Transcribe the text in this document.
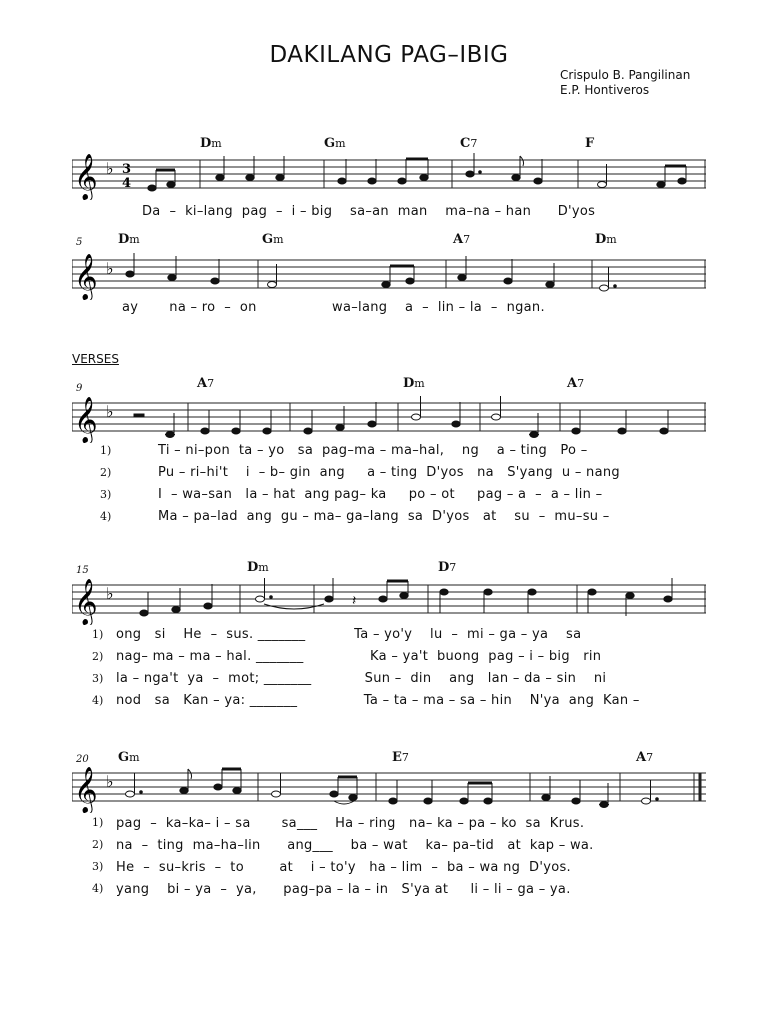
DAKILANG PAG–IBIG
Crispulo B. Pangilinan
E.P. Hontiveros
VERSES
Dm	Gm	C7	F
𝄞 ♭ 3
4
Da  –  ki–lang  pag  –  i – big    sa–an  man    ma–na – han      D'yos
5	Dm	Gm	A7	Dm
𝄞 ♭
ay       na – ro  –  on                 wa–lang    a  –  lin – la  –  ngan.
9	A7	Dm	A7
𝄞 ♭
1)
2)
3)
4)
Ti – ni–pon  ta – yo   sa  pag–ma – ma–hal,    ng    a – ting   Po –
Pu – ri–hi't    i  – b– gin  ang     a – ting  D'yos   na   S'yang  u – nang
I  – wa–san   la – hat  ang pag– ka     po – ot     pag – a  –  a – lin –
Ma – pa–lad  ang  gu – ma– ga–lang  sa  D'yos   at    su  –  mu–su –
15	Dm	D7
𝄞 ♭	𝄽
1)
2)
3)
4)
ong   si    He  –  sus. _______           Ta – yo'y    lu  –  mi – ga – ya    sa
nag– ma – ma – hal. _______               Ka – ya't  buong  pag – i – big   rin
la – nga't  ya  –  mot; _______            Sun –  din    ang   lan – da – sin    ni
nod   sa   Kan – ya: _______               Ta – ta – ma – sa – hin    N'ya  ang  Kan –
20 Gm	E7	A7
𝄞 ♭
1)
2)
3)
4)
pag  –  ka–ka– i – sa       sa___    Ha – ring   na– ka – pa – ko  sa  Krus.
na  –  ting  ma–ha–lin      ang___    ba – wat    ka– pa–tid   at  kap – wa.
He  –  su–kris  –  to        at    i – to'y   ha – lim  –  ba – wa ng  D'yos.
yang    bi – ya  –  ya,      pag–pa – la – in   S'ya at     li – li – ga – ya.
